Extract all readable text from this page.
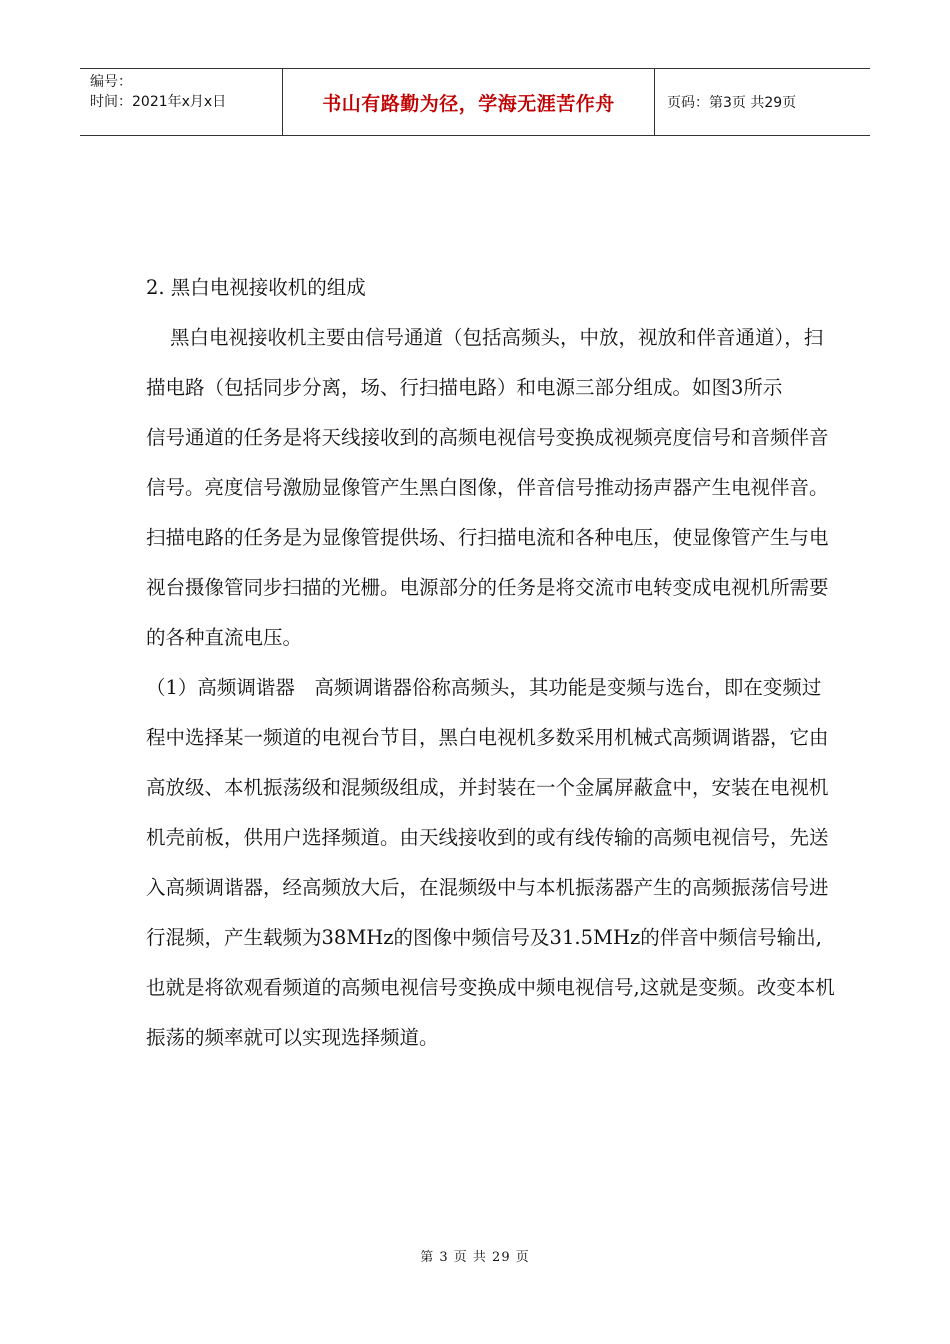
编号：
时间：2021年x月x日	书山有路勤为径，学海无涯苦作舟	页码：第3页 共29页

2. 黑白电视接收机的组成

黑白电视接收机主要由信号通道（包括高频头，中放，视放和伴音通道），扫描电路（包括同步分离，场、行扫描电路）和电源三部分组成。如图3所示

信号通道的任务是将天线接收到的高频电视信号变换成视频亮度信号和音频伴音信号。亮度信号激励显像管产生黑白图像，伴音信号推动扬声器产生电视伴音。扫描电路的任务是为显像管提供场、行扫描电流和各种电压，使显像管产生与电视台摄像管同步扫描的光栅。电源部分的任务是将交流市电转变成电视机所需要的各种直流电压。

（1）高频调谐器　高频调谐器俗称高频头，其功能是变频与选台，即在变频过程中选择某一频道的电视台节目，黑白电视机多数采用机械式高频调谐器，它由高放级、本机振荡级和混频级组成，并封装在一个金属屏蔽盒中，安装在电视机机壳前板，供用户选择频道。由天线接收到的或有线传输的高频电视信号，先送入高频调谐器，经高频放大后，在混频级中与本机振荡器产生的高频振荡信号进行混频，产生载频为38MHz的图像中频信号及31.5MHz的伴音中频信号输出,也就是将欲观看频道的高频电视信号变换成中频电视信号,这就是变频。改变本机振荡的频率就可以实现选择频道。

第 3 页 共 29 页
